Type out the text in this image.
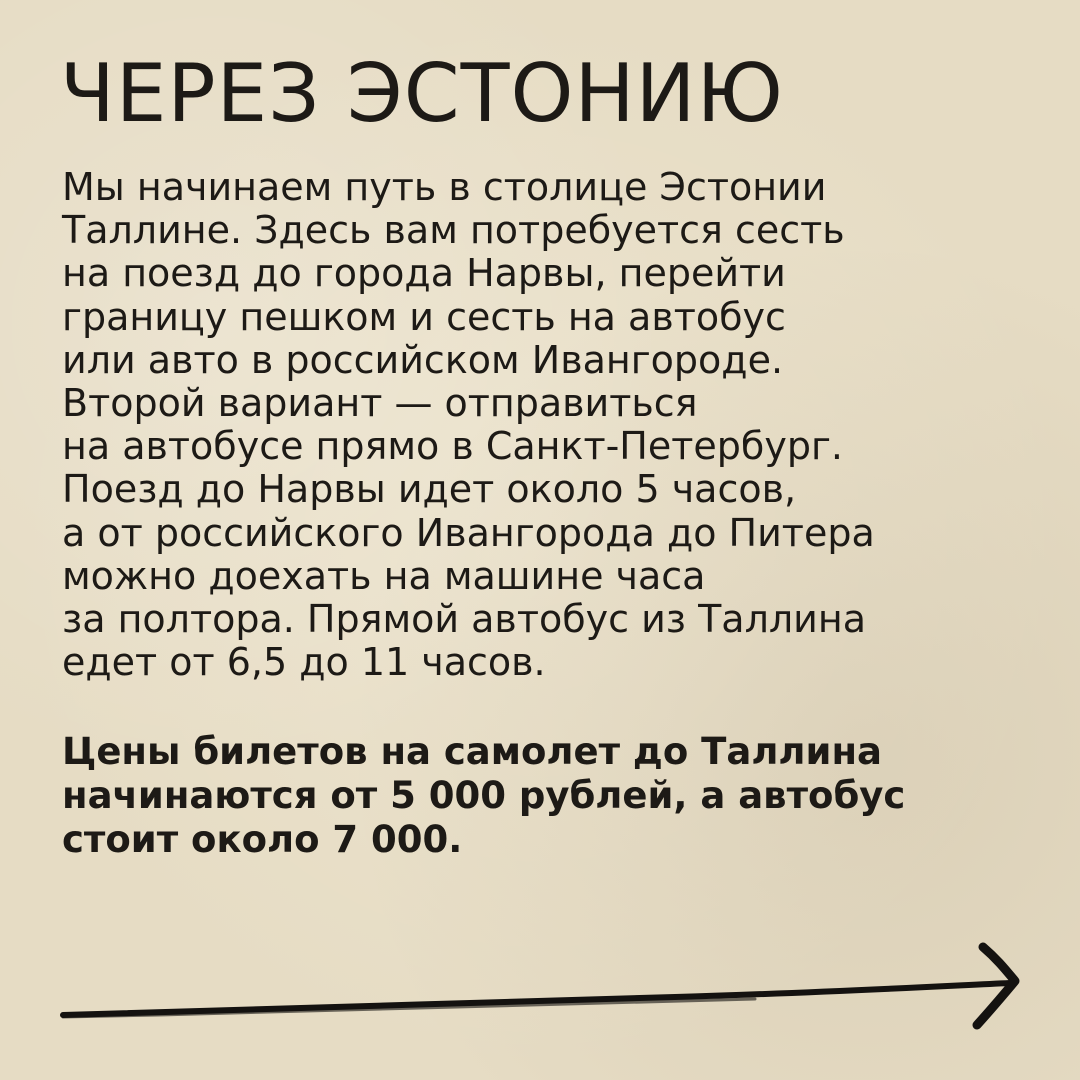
ЧЕРЕЗ ЭСТОНИЮ

Мы начинаем путь в столице Эстонии
Таллине. Здесь вам потребуется сесть
на поезд до города Нарвы, перейти
границу пешком и сесть на автобус
или авто в российском Ивангороде.
Второй вариант — отправиться
на автобусе прямо в Санкт-Петербург.
Поезд до Нарвы идет около 5 часов,
а от российского Ивангорода до Питера
можно доехать на машине часа
за полтора. Прямой автобус из Таллина
едет от 6,5 до 11 часов.

Цены билетов на самолет до Таллина
начинаются от 5 000 рублей, а автобус
стоит около 7 000.
